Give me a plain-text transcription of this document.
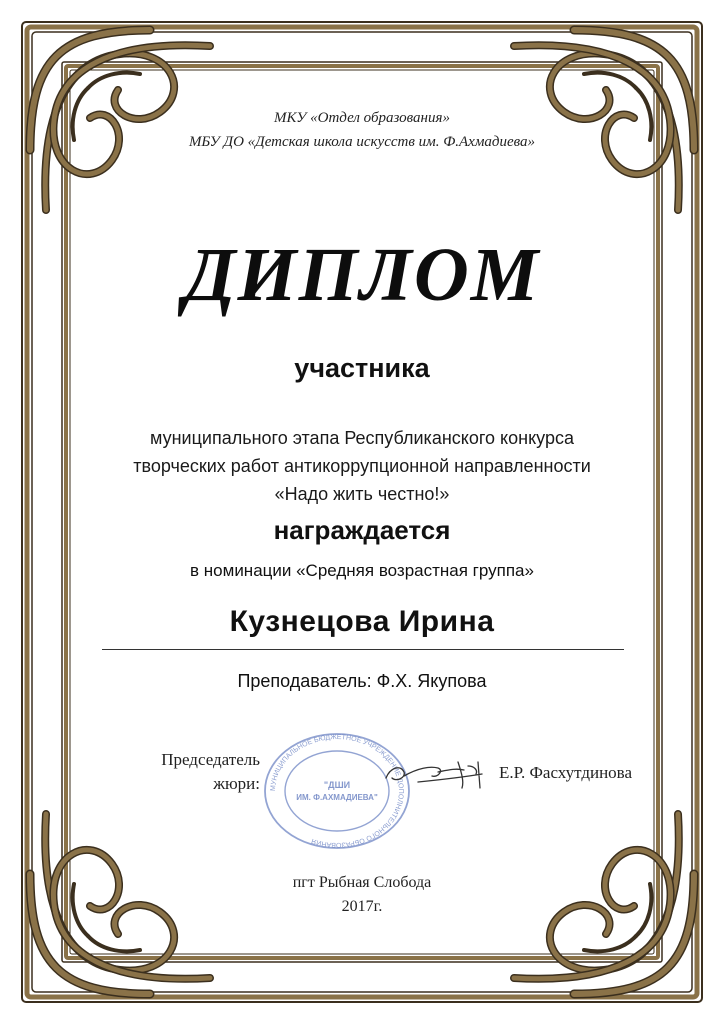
МКУ «Отдел образования»

МБУ ДО «Детская школа искусств им. Ф.Ахмадиева»

ДИПЛОМ

участника

муниципального этапа Республиканского конкурса

творческих работ антикоррупционной направленности

«Надо жить честно!»

награждается

в номинации «Средняя возрастная группа»

Кузнецова Ирина

Преподаватель: Ф.Х. Якупова

Председатель
жюри: МУНИЦИПАЛЬНОЕ БЮДЖЕТНОЕ УЧРЕЖДЕНИЕ ДОПОЛНИТЕЛЬНОГО ОБРАЗОВАНИЯ
"ДШИ
ИМ. Ф.АХМАДИЕВА"
Е.Р. Фасхутдинова

пгт Рыбная Слобода

2017г.
